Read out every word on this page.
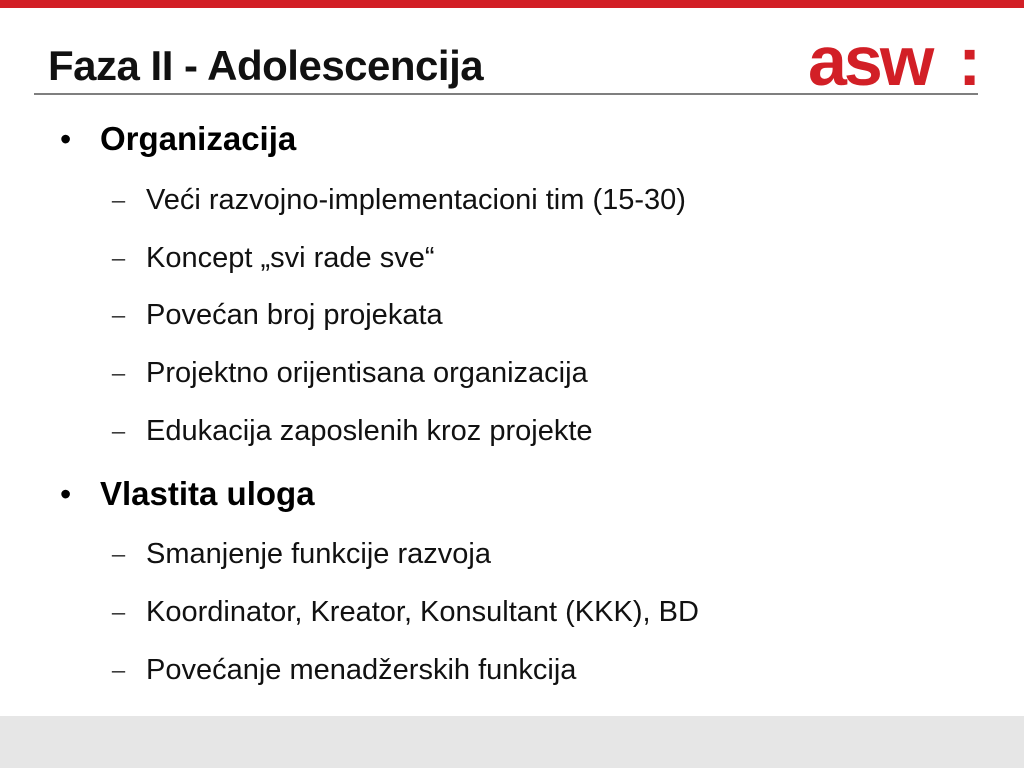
Faza II - Adolescencija	asw :
• Organizacija
– Veći razvojno-implementacioni tim (15-30)
– Koncept „svi rade sve“
– Povećan broj projekata
– Projektno orijentisana organizacija
– Edukacija zaposlenih kroz projekte
• Vlastita uloga
– Smanjenje funkcije razvoja
– Koordinator, Kreator, Konsultant (KKK), BD
– Povećanje menadžerskih funkcija
